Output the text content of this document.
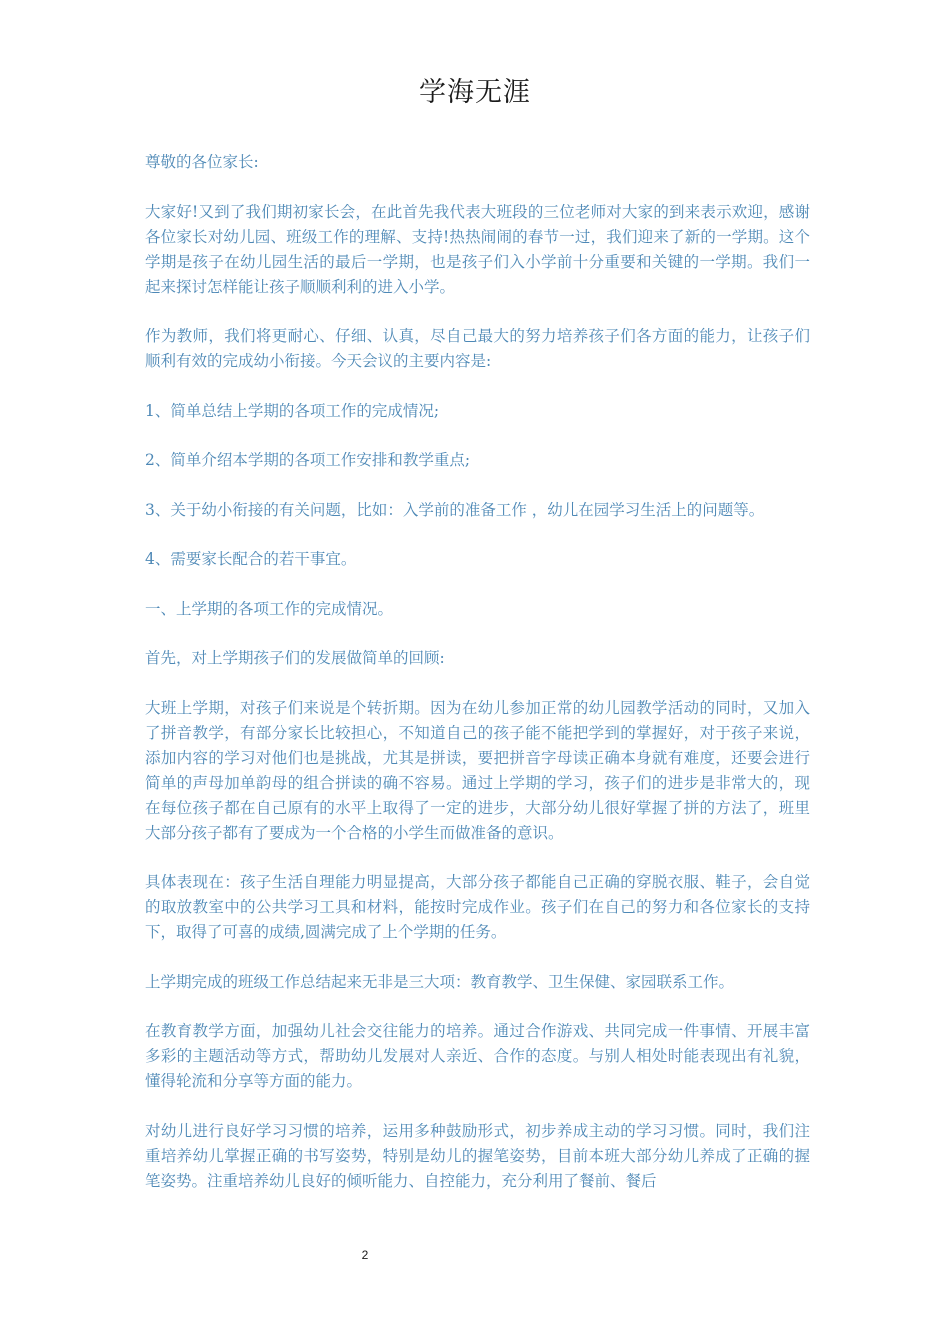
学海无涯

尊敬的各位家长:

大家好!又到了我们期初家长会，在此首先我代表大班段的三位老师对大家的到来表示欢迎，感谢各位家长对幼儿园、班级工作的理解、支持!热热闹闹的春节一过，我们迎来了新的一学期。这个学期是孩子在幼儿园生活的最后一学期，也是孩子们入小学前十分重要和关键的一学期。我们一起来探讨怎样能让孩子顺顺利利的进入小学。

作为教师，我们将更耐心、仔细、认真，尽自己最大的努力培养孩子们各方面的能力，让孩子们顺利有效的完成幼小衔接。今天会议的主要内容是:

1、简单总结上学期的各项工作的完成情况;

2、简单介绍本学期的各项工作安排和教学重点;

3、关于幼小衔接的有关问题，比如：入学前的准备工作 ，幼儿在园学习生活上的问题等。

4、需要家长配合的若干事宜。

一、上学期的各项工作的完成情况。

首先，对上学期孩子们的发展做简单的回顾:

大班上学期，对孩子们来说是个转折期。因为在幼儿参加正常的幼儿园教学活动的同时，又加入了拼音教学，有部分家长比较担心，不知道自己的孩子能不能把学到的掌握好，对于孩子来说，添加内容的学习对他们也是挑战，尤其是拼读，要把拼音字母读正确本身就有难度，还要会进行简单的声母加单韵母的组合拼读的确不容易。通过上学期的学习，孩子们的进步是非常大的，现在每位孩子都在自己原有的水平上取得了一定的进步，大部分幼儿很好掌握了拼的方法了，班里大部分孩子都有了要成为一个合格的小学生而做准备的意识。

具体表现在：孩子生活自理能力明显提高，大部分孩子都能自己正确的穿脱衣服、鞋子，会自觉的取放教室中的公共学习工具和材料，能按时完成作业。孩子们在自己的努力和各位家长的支持下，取得了可喜的成绩,圆满完成了上个学期的任务。

上学期完成的班级工作总结起来无非是三大项：教育教学、卫生保健、家园联系工作。

在教育教学方面，加强幼儿社会交往能力的培养。通过合作游戏、共同完成一件事情、开展丰富多彩的主题活动等方式，帮助幼儿发展对人亲近、合作的态度。与别人相处时能表现出有礼貌，懂得轮流和分享等方面的能力。

对幼儿进行良好学习习惯的培养，运用多种鼓励形式，初步养成主动的学习习惯。同时，我们注重培养幼儿掌握正确的书写姿势，特别是幼儿的握笔姿势，目前本班大部分幼儿养成了正确的握笔姿势。注重培养幼儿良好的倾听能力、自控能力，充分利用了餐前、餐后

2
